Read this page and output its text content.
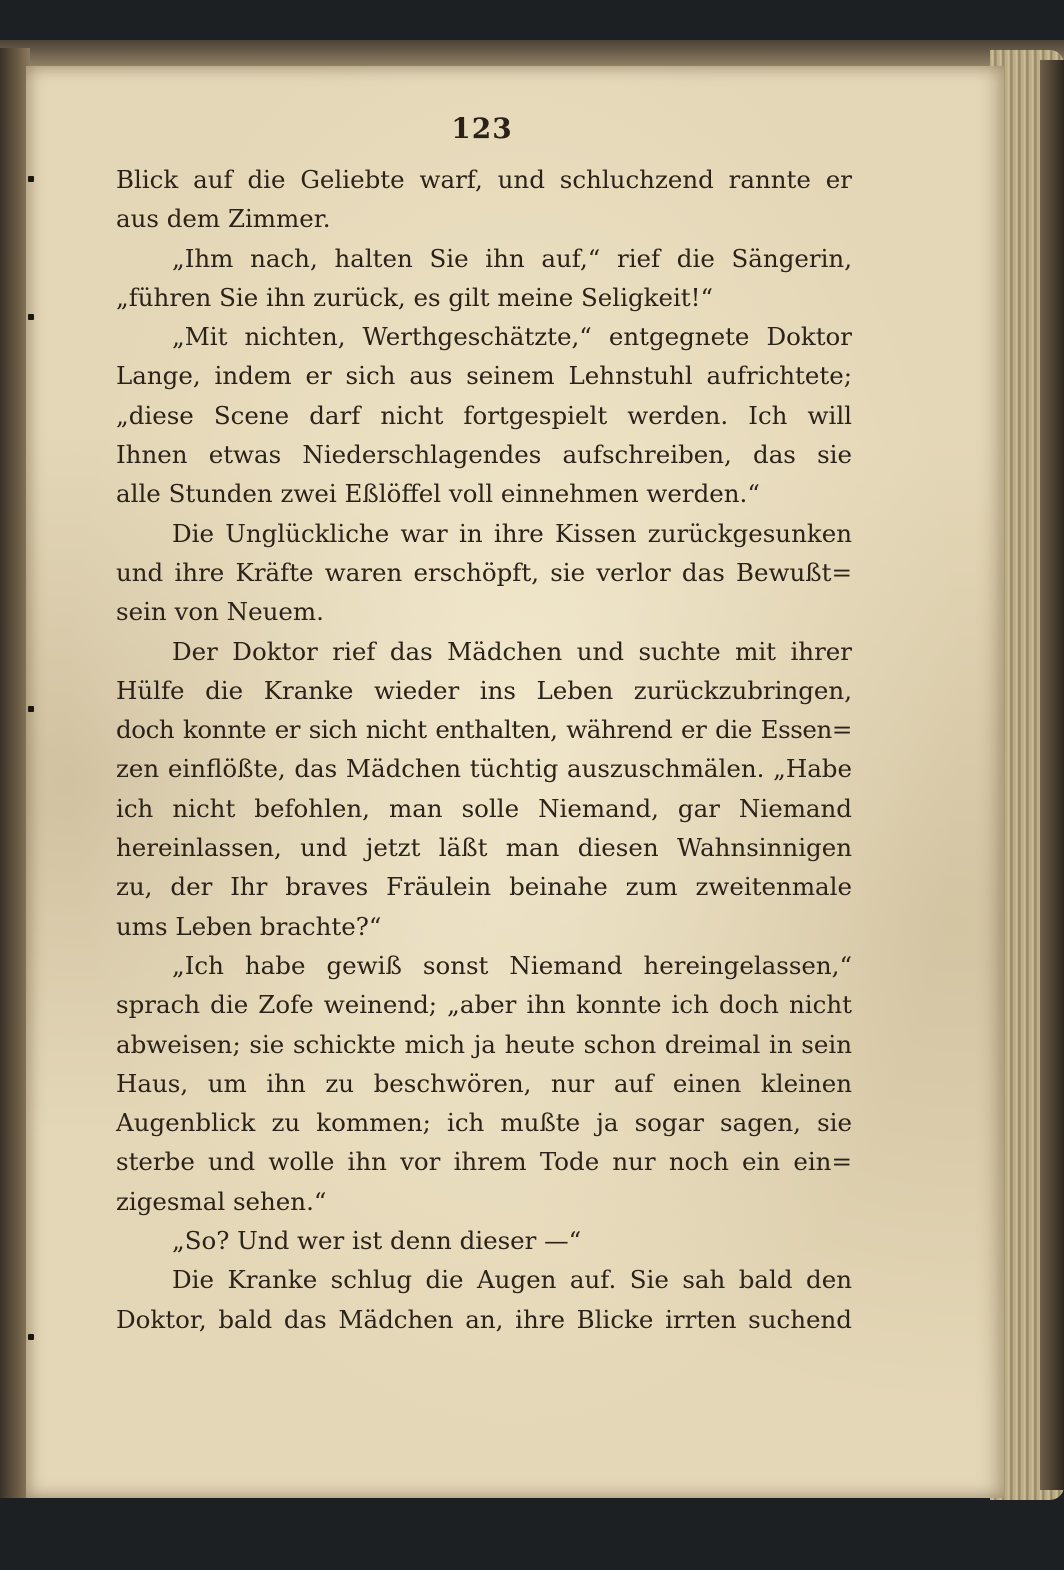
123
Blick auf die Geliebte warf, und schluchzend rannte er
aus dem Zimmer.
„Ihm nach, halten Sie ihn auf,“ rief die Sängerin,
„führen Sie ihn zurück, es gilt meine Seligkeit!“
„Mit nichten, Werthgeschätzte,“ entgegnete Doktor
Lange, indem er sich aus seinem Lehnstuhl aufrichtete;
„diese Scene darf nicht fortgespielt werden. Ich will
Ihnen etwas Niederschlagendes aufschreiben, das sie
alle Stunden zwei Eßlöffel voll einnehmen werden.“
Die Unglückliche war in ihre Kissen zurückgesunken
und ihre Kräfte waren erschöpft, sie verlor das Bewußt=
sein von Neuem.
Der Doktor rief das Mädchen und suchte mit ihrer
Hülfe die Kranke wieder ins Leben zurückzubringen,
doch konnte er sich nicht enthalten, während er die Essen=
zen einflößte, das Mädchen tüchtig auszuschmälen. „Habe
ich nicht befohlen, man solle Niemand, gar Niemand
hereinlassen, und jetzt läßt man diesen Wahnsinnigen
zu, der Ihr braves Fräulein beinahe zum zweitenmale
ums Leben brachte?“
„Ich habe gewiß sonst Niemand hereingelassen,“
sprach die Zofe weinend; „aber ihn konnte ich doch nicht
abweisen; sie schickte mich ja heute schon dreimal in sein
Haus, um ihn zu beschwören, nur auf einen kleinen
Augenblick zu kommen; ich mußte ja sogar sagen, sie
sterbe und wolle ihn vor ihrem Tode nur noch ein ein=
zigesmal sehen.“
„So? Und wer ist denn dieser —“
Die Kranke schlug die Augen auf. Sie sah bald den
Doktor, bald das Mädchen an, ihre Blicke irrten suchend
